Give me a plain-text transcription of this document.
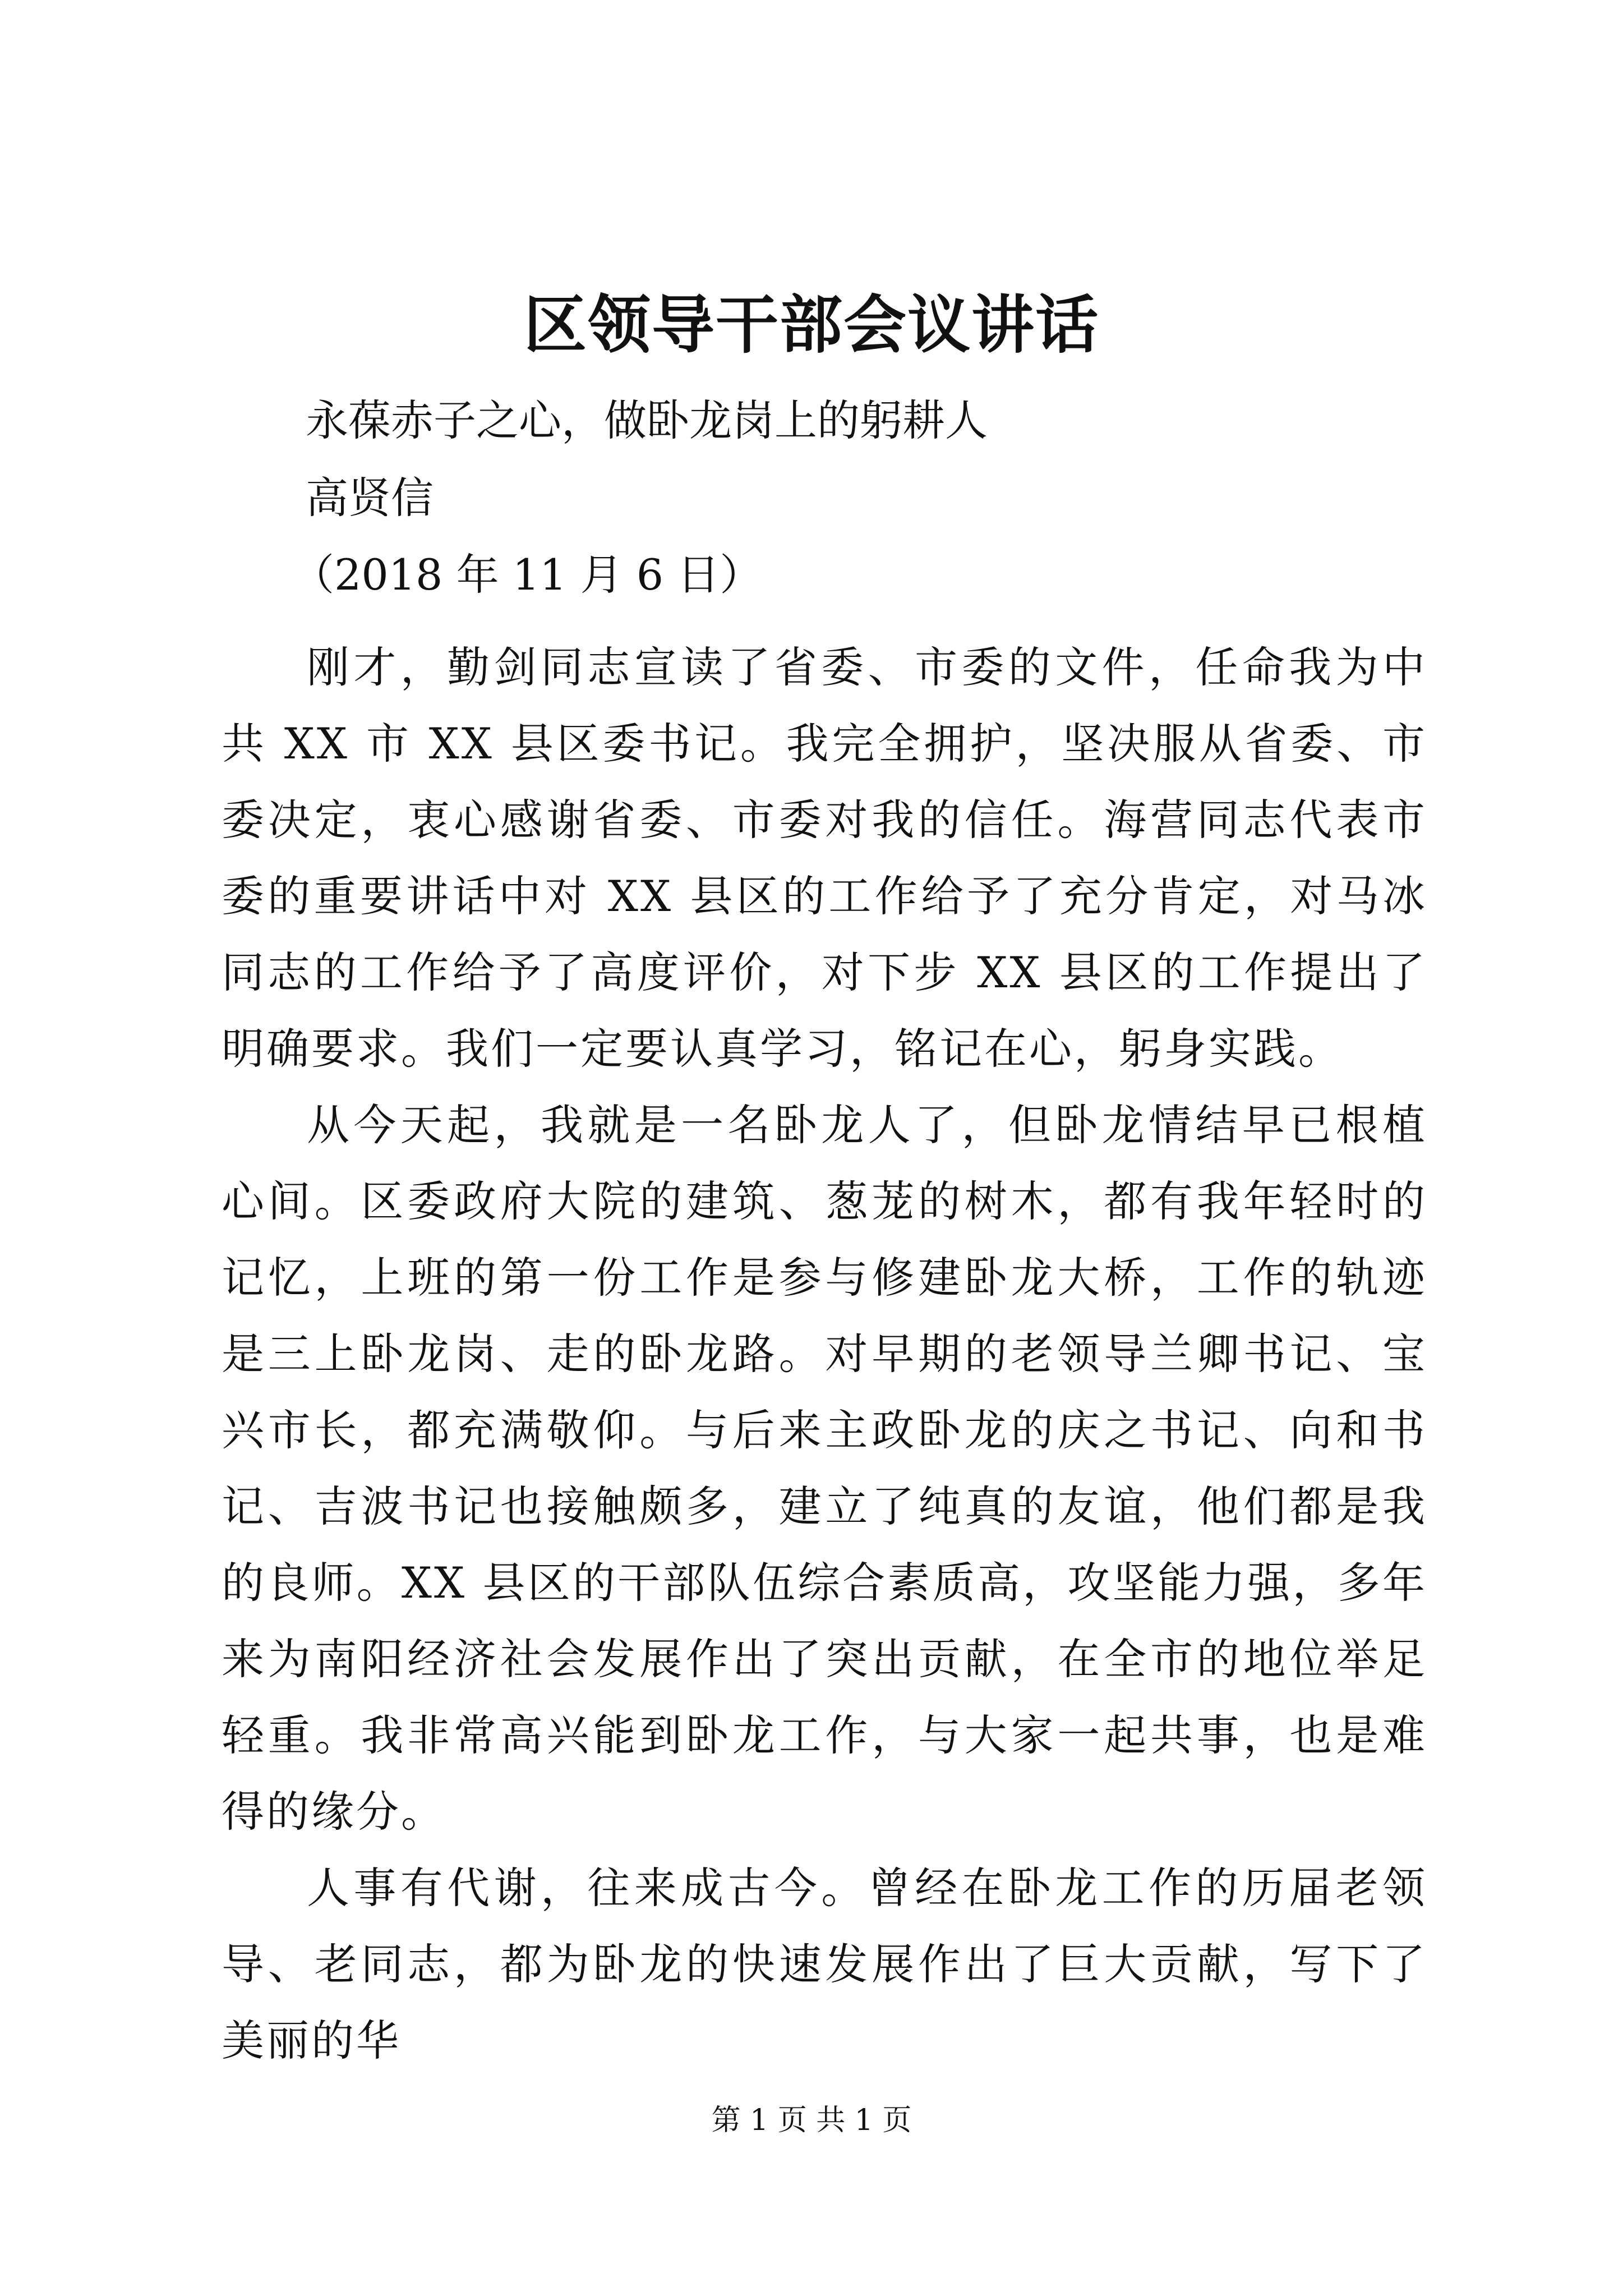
区领导干部会议讲话

永葆赤子之心，做卧龙岗上的躬耕人

高贤信

（2018 年 11 月 6 日）

刚才，勤剑同志宣读了省委、市委的文件，任命我为中共 XX 市 XX 县区委书记。我完全拥护，坚决服从省委、市委决定，衷心感谢省委、市委对我的信任。海营同志代表市委的重要讲话中对 XX 县区的工作给予了充分肯定，对马冰同志的工作给予了高度评价，对下步 XX 县区的工作提出了明确要求。我们一定要认真学习，铭记在心，躬身实践。

从今天起，我就是一名卧龙人了，但卧龙情结早已根植心间。区委政府大院的建筑、葱茏的树木，都有我年轻时的记忆，上班的第一份工作是参与修建卧龙大桥，工作的轨迹是三上卧龙岗、走的卧龙路。对早期的老领导兰卿书记、宝兴市长，都充满敬仰。与后来主政卧龙的庆之书记、向和书记、吉波书记也接触颇多，建立了纯真的友谊，他们都是我的良师。XX 县区的干部队伍综合素质高，攻坚能力强，多年来为南阳经济社会发展作出了突出贡献，在全市的地位举足轻重。我非常高兴能到卧龙工作，与大家一起共事，也是难得的缘分。

人事有代谢，往来成古今。曾经在卧龙工作的历届老领导、老同志，都为卧龙的快速发展作出了巨大贡献，写下了美丽的华

第 1 页 共 1 页
